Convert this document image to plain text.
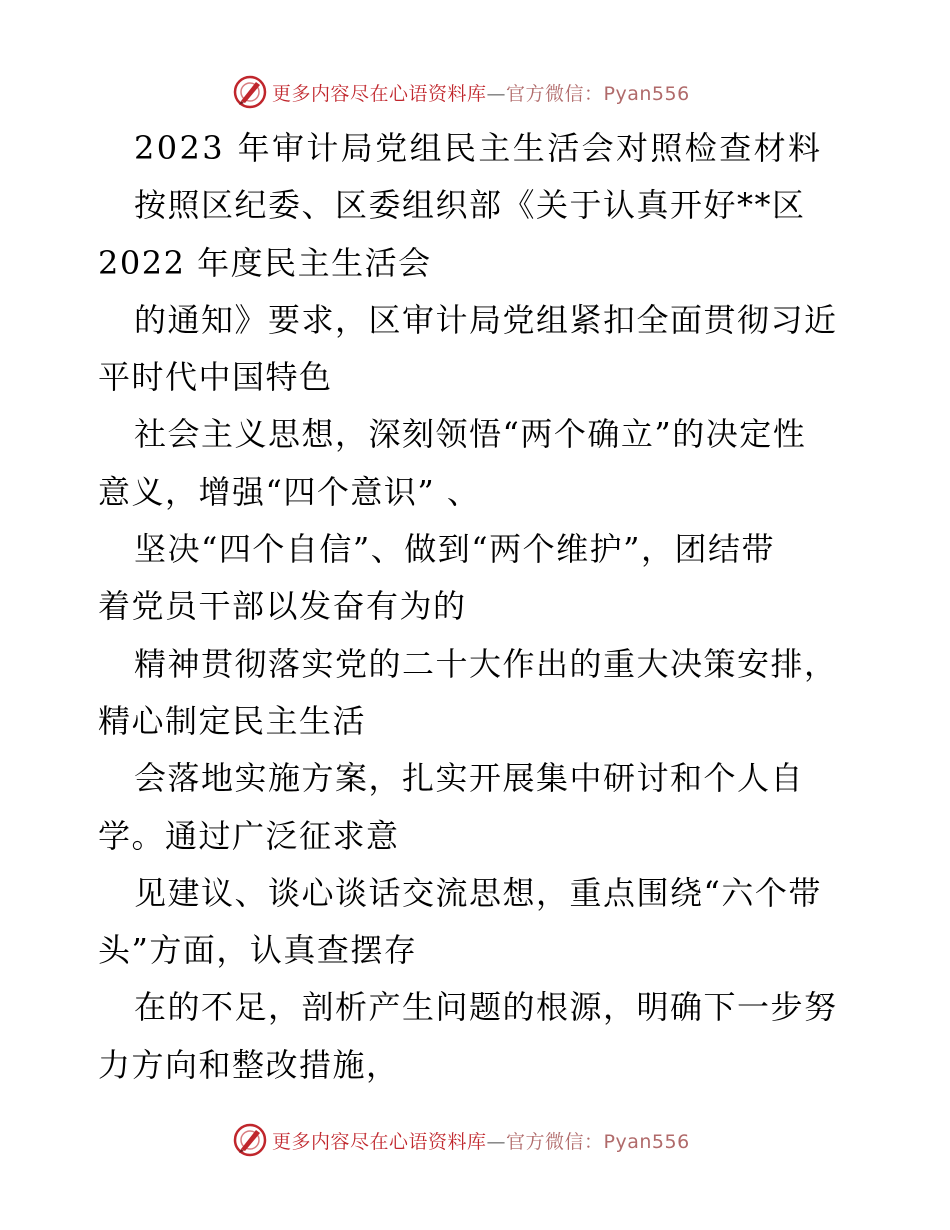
更多内容尽在心语资料库—官方微信：Pyan556
2023 年审计局党组民主生活会对照检查材料
按照区纪委、区委组织部《关于认真开好**区
2022 年度民主生活会
的通知》要求，区审计局党组紧扣全面贯彻习近
平时代中国特色
社会主义思想，深刻领悟“两个确立”的决定性
意义，增强“四个意识” 、
坚决“四个自信”、做到“两个维护”，团结带
着党员干部以发奋有为的
精神贯彻落实党的二十大作出的重大决策安排，
精心制定民主生活
会落地实施方案，扎实开展集中研讨和个人自
学。通过广泛征求意
见建议、谈心谈话交流思想，重点围绕“六个带
头”方面，认真查摆存
在的不足，剖析产生问题的根源，明确下一步努
力方向和整改措施，
更多内容尽在心语资料库—官方微信：Pyan556
